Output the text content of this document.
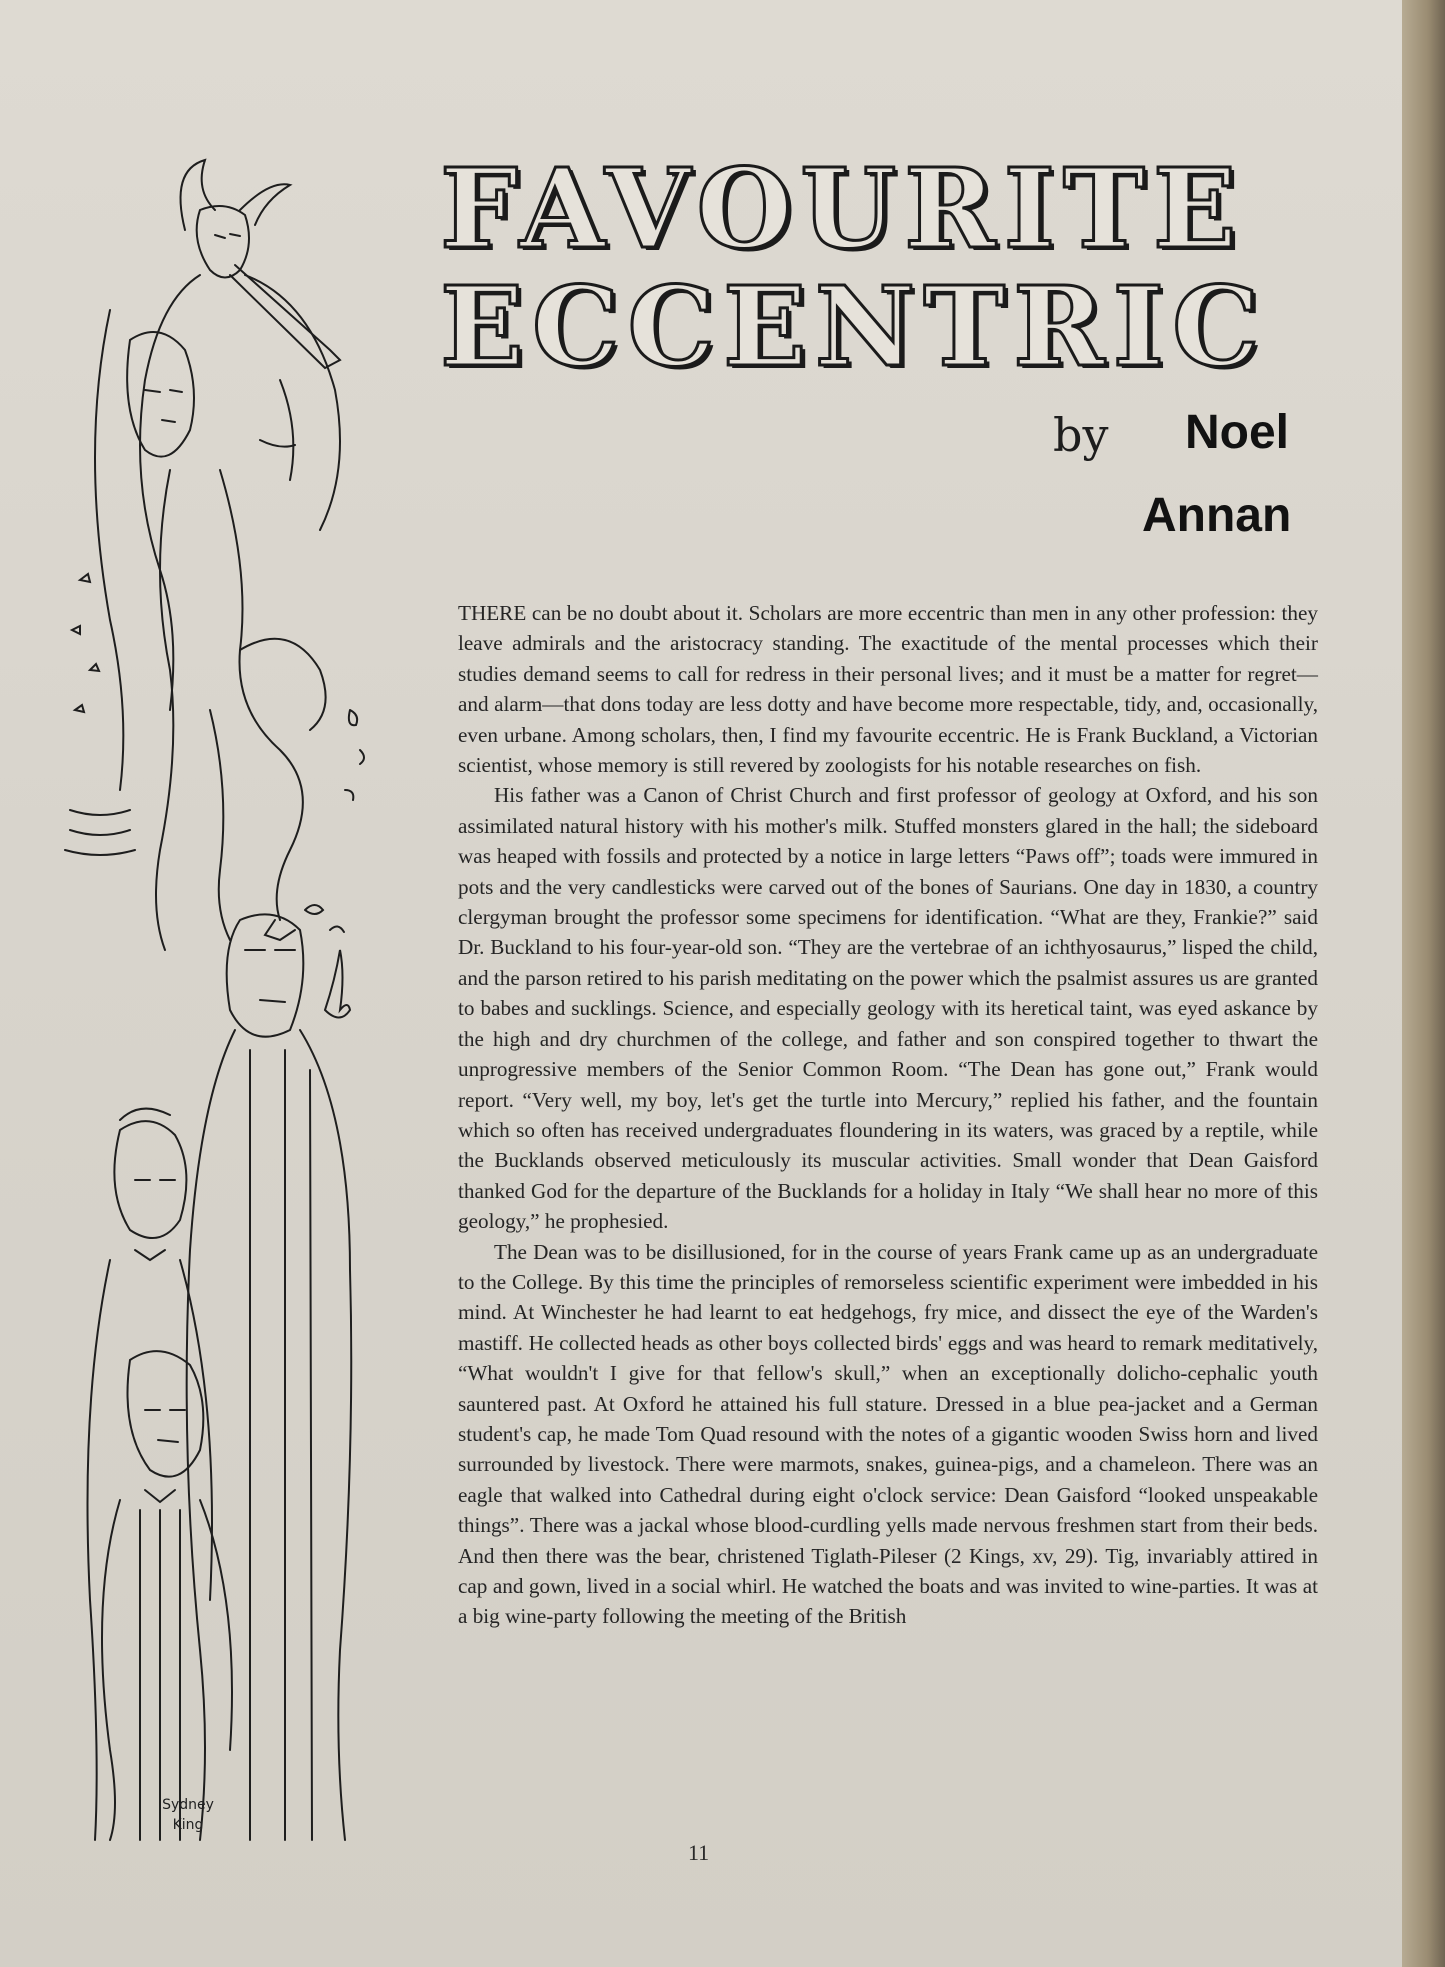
Sydney
King
FAVOURITE
ECCENTRIC
by Noel
Annan

THERE can be no doubt about it. Scholars are more eccentric than men in any other profession: they leave admirals and the aristocracy standing. The exactitude of the mental processes which their studies demand seems to call for redress in their personal lives; and it must be a matter for regret—and alarm—that dons today are less dotty and have become more respectable, tidy, and, occasionally, even urbane. Among scholars, then, I find my favourite eccentric. He is Frank Buckland, a Victorian scientist, whose memory is still revered by zoologists for his notable researches on fish.

His father was a Canon of Christ Church and first professor of geology at Oxford, and his son assimilated natural history with his mother's milk. Stuffed monsters glared in the hall; the sideboard was heaped with fossils and protected by a notice in large letters “Paws off”; toads were immured in pots and the very candlesticks were carved out of the bones of Saurians. One day in 1830, a country clergyman brought the professor some specimens for identification. “What are they, Frankie?” said Dr. Buckland to his four-year-old son. “They are the vertebrae of an ichthyosaurus,” lisped the child, and the parson retired to his parish meditating on the power which the psalmist assures us are granted to babes and sucklings. Science, and especially geology with its heretical taint, was eyed askance by the high and dry churchmen of the college, and father and son conspired together to thwart the unprogressive members of the Senior Common Room. “The Dean has gone out,” Frank would report. “Very well, my boy, let's get the turtle into Mercury,” replied his father, and the fountain which so often has received undergraduates floundering in its waters, was graced by a reptile, while the Bucklands observed meticulously its muscular activities. Small wonder that Dean Gaisford thanked God for the departure of the Bucklands for a holiday in Italy “We shall hear no more of this geology,” he prophesied.

The Dean was to be disillusioned, for in the course of years Frank came up as an undergraduate to the College. By this time the principles of remorseless scientific experiment were imbedded in his mind. At Winchester he had learnt to eat hedgehogs, fry mice, and dissect the eye of the Warden's mastiff. He collected heads as other boys collected birds' eggs and was heard to remark meditatively, “What wouldn't I give for that fellow's skull,” when an exceptionally dolicho-cephalic youth sauntered past. At Oxford he attained his full stature. Dressed in a blue pea-jacket and a German student's cap, he made Tom Quad resound with the notes of a gigantic wooden Swiss horn and lived surrounded by livestock. There were marmots, snakes, guinea-pigs, and a chameleon. There was an eagle that walked into Cathedral during eight o'clock service: Dean Gaisford “looked unspeakable things”. There was a jackal whose blood-curdling yells made nervous freshmen start from their beds. And then there was the bear, christened Tiglath-Pileser (2 Kings, xv, 29). Tig, invariably attired in cap and gown, lived in a social whirl. He watched the boats and was invited to wine-parties. It was at a big wine-party following the meeting of the British

11
